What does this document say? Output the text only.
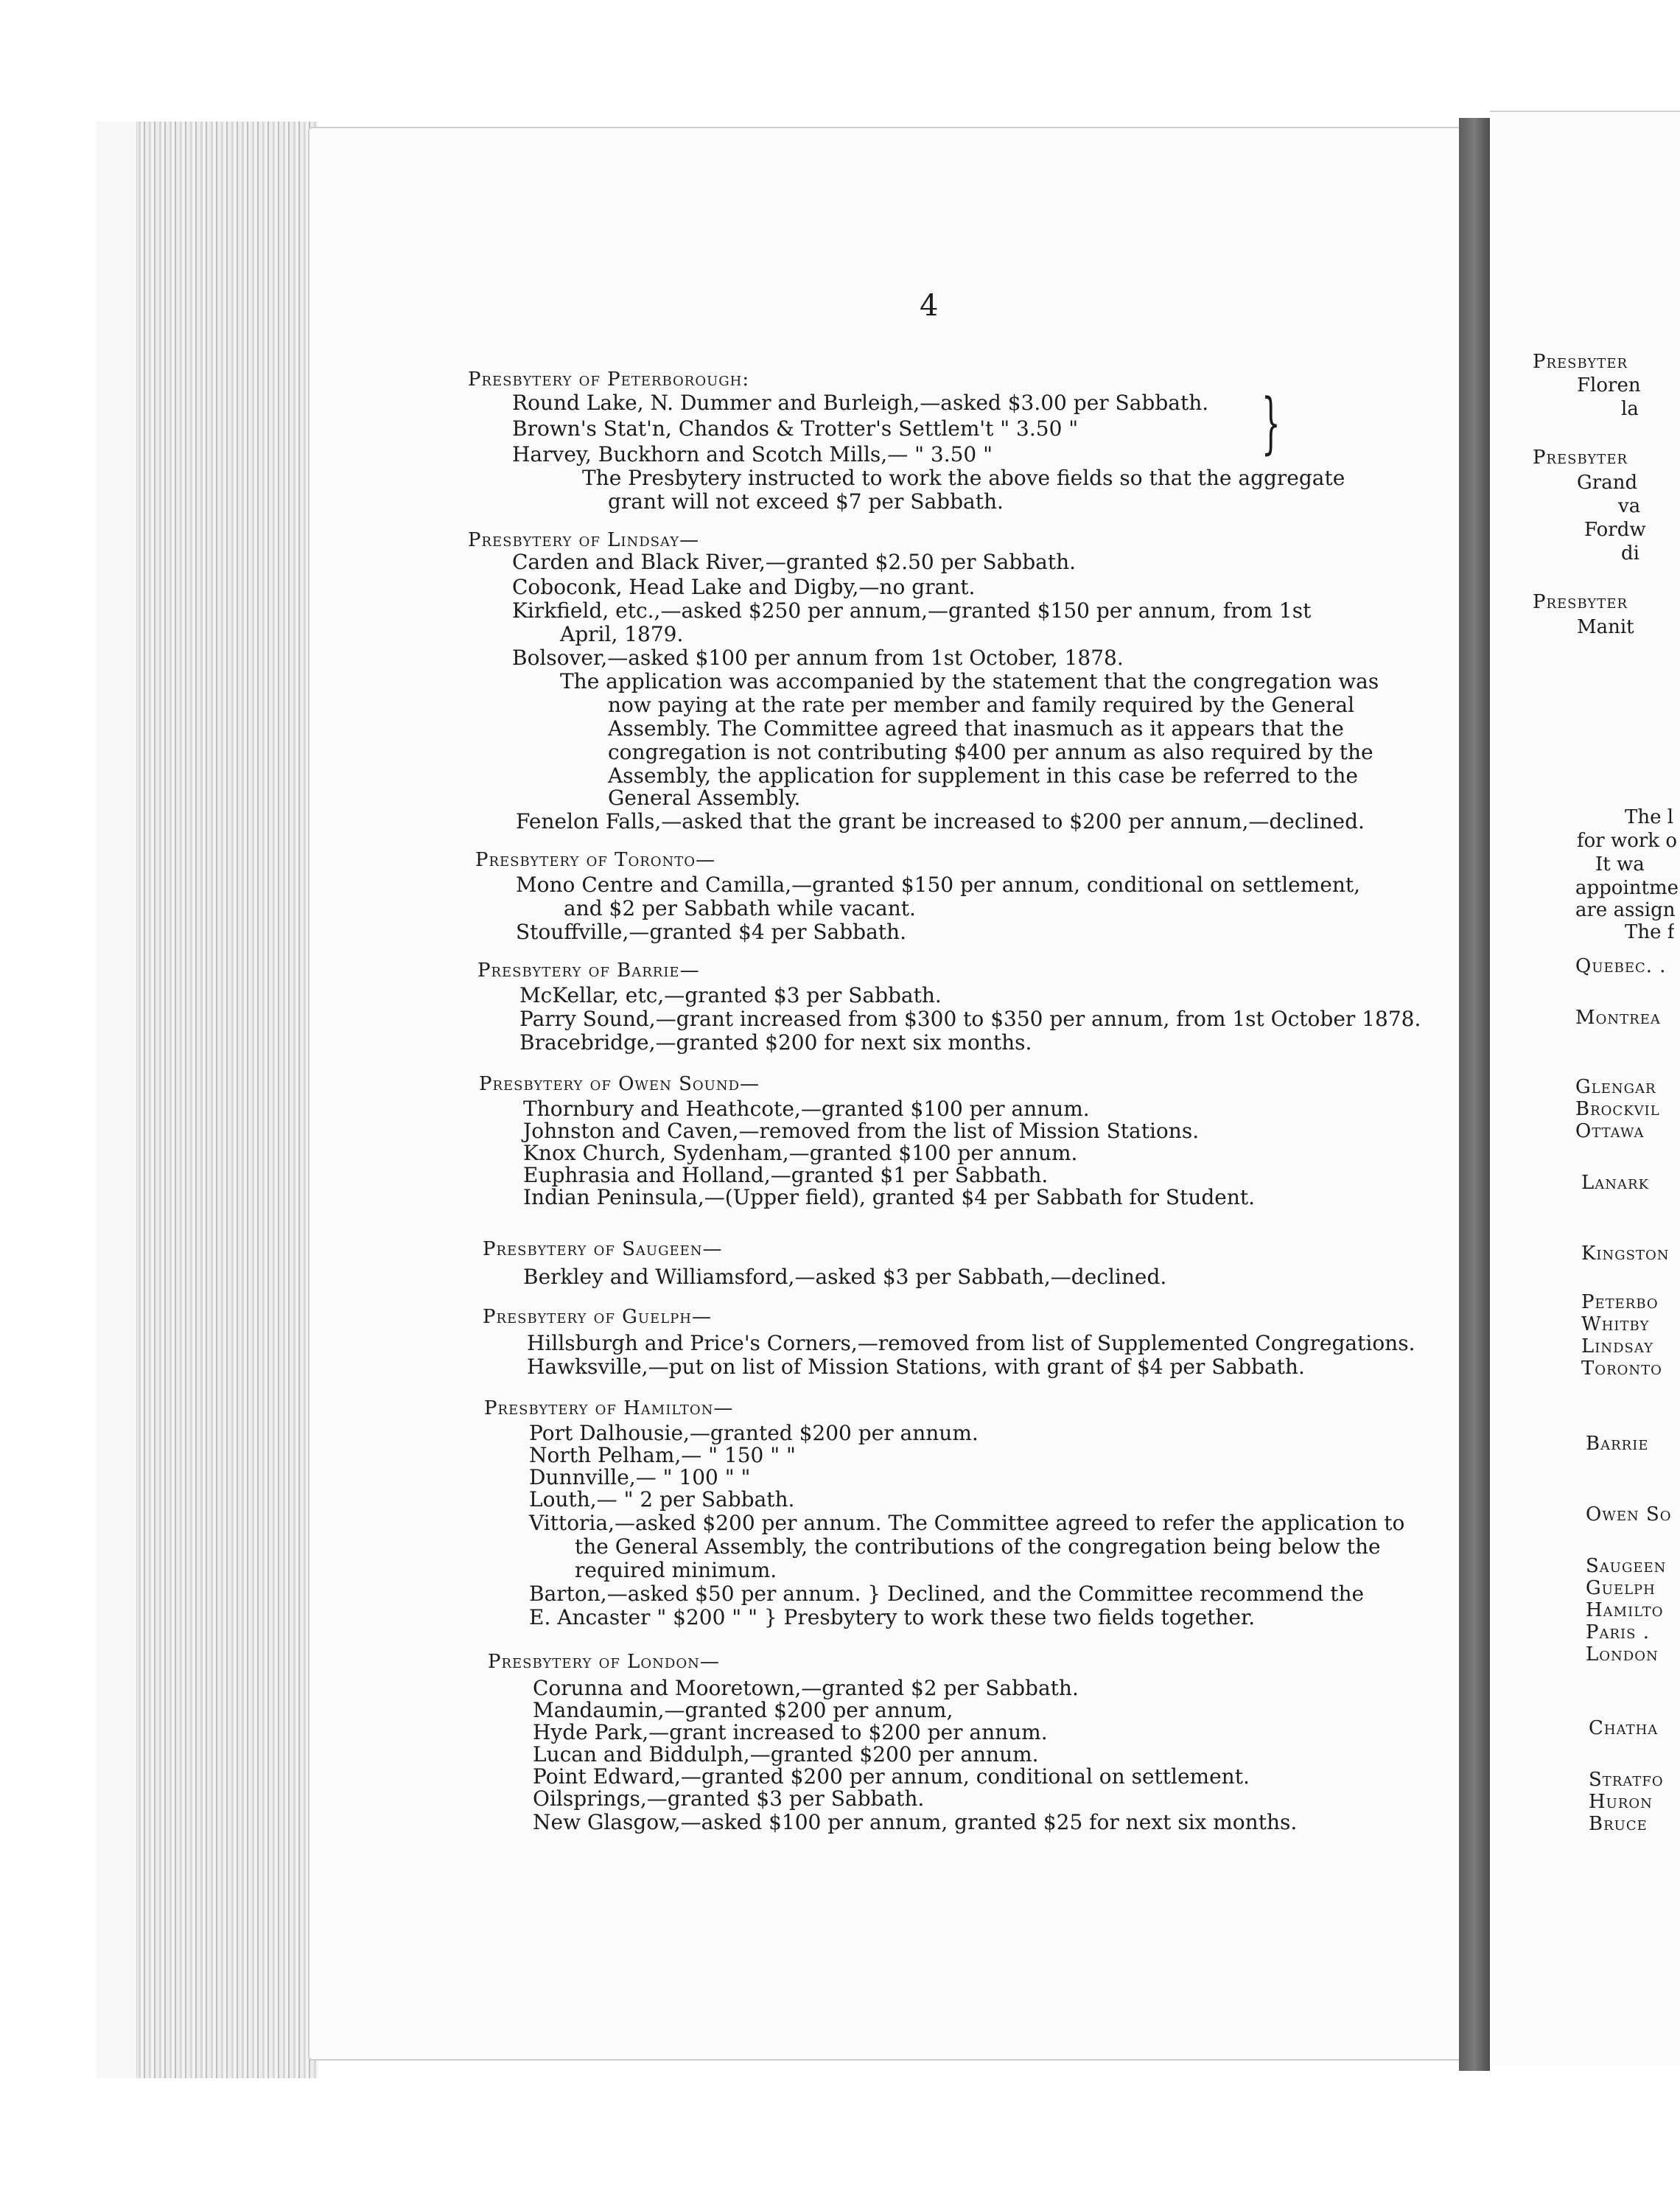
4
Presbytery of Peterborough:
Round Lake, N. Dummer and Burleigh,—asked $3.00 per Sabbath.
Brown's Stat'n, Chandos & Trotter's Settlem't " 3.50 "
Harvey, Buckhorn and Scotch Mills,— " 3.50 "
The Presbytery instructed to work the above fields so that the aggregate
grant will not exceed $7 per Sabbath.
}
Presbytery of Lindsay—
Carden and Black River,—granted $2.50 per Sabbath.
Coboconk, Head Lake and Digby,—no grant.
Kirkfield, etc.,—asked $250 per annum,—granted $150 per annum, from 1st
April, 1879.
Bolsover,—asked $100 per annum from 1st October, 1878.
The application was accompanied by the statement that the congregation was
now paying at the rate per member and family required by the General
Assembly. The Committee agreed that inasmuch as it appears that the
congregation is not contributing $400 per annum as also required by the
Assembly, the application for supplement in this case be referred to the
General Assembly.
Fenelon Falls,—asked that the grant be increased to $200 per annum,—declined.
Presbytery of Toronto—
Mono Centre and Camilla,—granted $150 per annum, conditional on settlement,
and $2 per Sabbath while vacant.
Stouffville,—granted $4 per Sabbath.
Presbytery of Barrie—
McKellar, etc,—granted $3 per Sabbath.
Parry Sound,—grant increased from $300 to $350 per annum, from 1st October 1878.
Bracebridge,—granted $200 for next six months.
Presbytery of Owen Sound—
Thornbury and Heathcote,—granted $100 per annum.
Johnston and Caven,—removed from the list of Mission Stations.
Knox Church, Sydenham,—granted $100 per annum.
Euphrasia and Holland,—granted $1 per Sabbath.
Indian Peninsula,—(Upper field), granted $4 per Sabbath for Student.
Presbytery of Saugeen—
Berkley and Williamsford,—asked $3 per Sabbath,—declined.
Presbytery of Guelph—
Hillsburgh and Price's Corners,—removed from list of Supplemented Congregations.
Hawksville,—put on list of Mission Stations, with grant of $4 per Sabbath.
Presbytery of Hamilton—
Port Dalhousie,—granted $200 per annum.
North Pelham,— " 150 " "
Dunnville,— " 100 " "
Louth,— " 2 per Sabbath.
Vittoria,—asked $200 per annum. The Committee agreed to refer the application to
the General Assembly, the contributions of the congregation being below the
required minimum.
Barton,—asked $50 per annum. } Declined, and the Committee recommend the
E. Ancaster " $200 " " } Presbytery to work these two fields together.
Presbytery of London—
Corunna and Mooretown,—granted $2 per Sabbath.
Mandaumin,—granted $200 per annum,
Hyde Park,—grant increased to $200 per annum.
Lucan and Biddulph,—granted $200 per annum.
Point Edward,—granted $200 per annum, conditional on settlement.
Oilsprings,—granted $3 per Sabbath.
New Glasgow,—asked $100 per annum, granted $25 for next six months.
Presbyter
Floren
la
Presbyter
Grand
va
Fordw
di
Presbyter
Manit
The l
for work o
It wa
appointme
are assign
The f
Quebec. .
Montrea
Glengar
Brockvil
Ottawa
Lanark
Kingston
Peterbo
Whitby
Lindsay
Toronto
Barrie
Owen So
Saugeen
Guelph
Hamilto
Paris .
London
Chatha
Stratfo
Huron
Bruce
